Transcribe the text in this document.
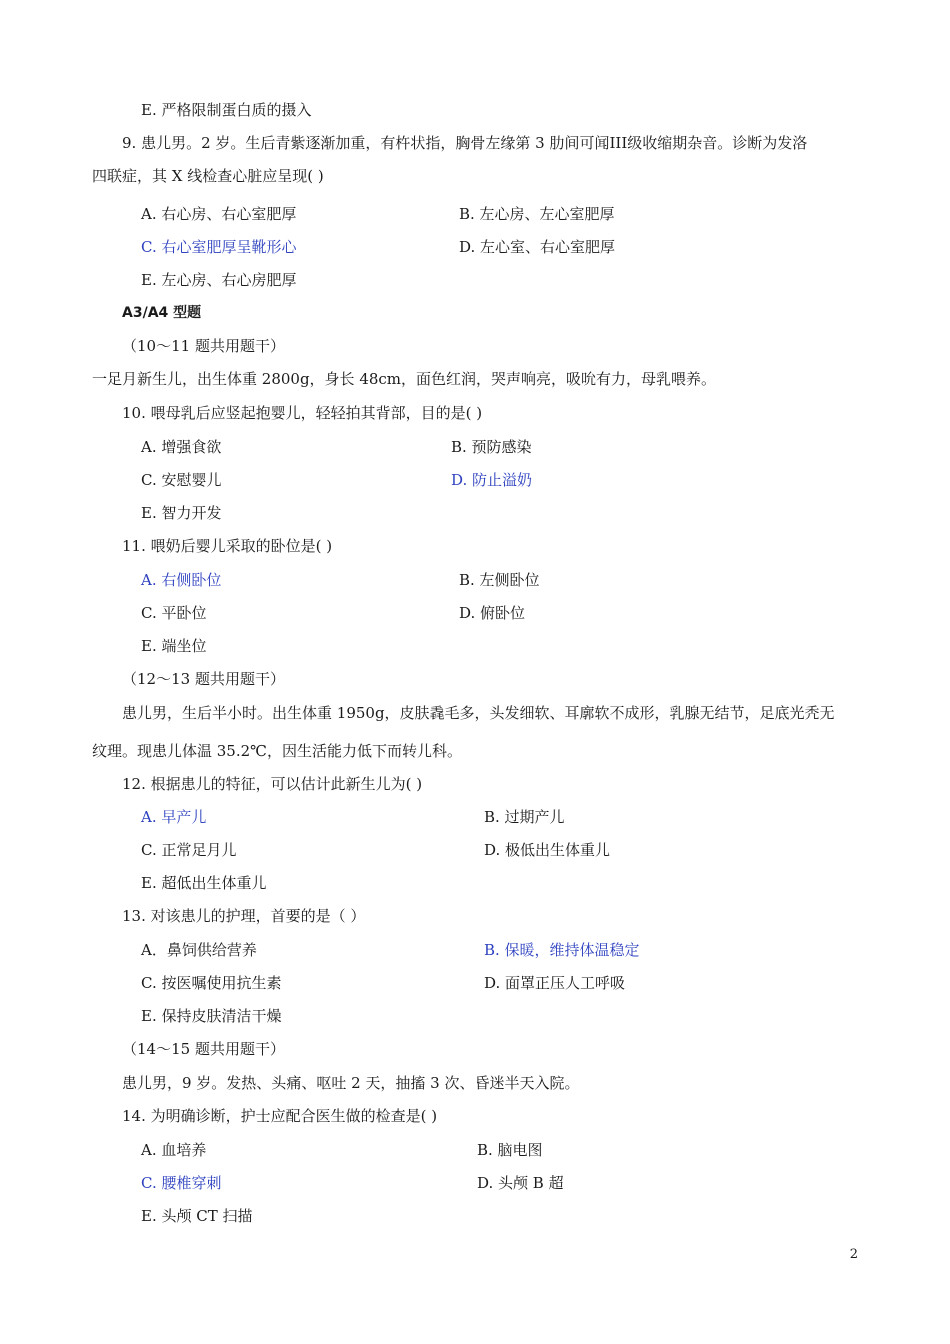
E. 严格限制蛋白质的摄入
9. 患儿男。2 岁。生后青紫逐渐加重，有杵状指，胸骨左缘第 3 肋间可闻III级收缩期杂音。诊断为发洛
四联症，其 X 线检查心脏应呈现( )
A. 右心房、右心室肥厚	B. 左心房、左心室肥厚
C. 右心室肥厚呈靴形心	D. 左心室、右心室肥厚
E. 左心房、右心房肥厚
A3/A4 型题
（10～11 题共用题干）
一足月新生儿，出生体重 2800g，身长 48cm，面色红润，哭声响亮，吸吮有力，母乳喂养。
10. 喂母乳后应竖起抱婴儿，轻轻拍其背部，目的是( )
A. 增强食欲	B. 预防感染
C. 安慰婴儿	D. 防止溢奶
E. 智力开发
11. 喂奶后婴儿采取的卧位是( )
A. 右侧卧位	B. 左侧卧位
C. 平卧位	D. 俯卧位
E. 端坐位
（12～13 题共用题干）
患儿男，生后半小时。出生体重 1950g，皮肤毳毛多，头发细软、耳廓软不成形，乳腺无结节，足底光秃无
纹理。现患儿体温 35.2℃，因生活能力低下而转儿科。
12. 根据患儿的特征，可以估计此新生儿为( )
A. 早产儿	B. 过期产儿
C. 正常足月儿	D. 极低出生体重儿
E. 超低出生体重儿
13. 对该患儿的护理，首要的是（ ）
A．鼻饲供给营养	B. 保暖，维持体温稳定
C. 按医嘱使用抗生素	D. 面罩正压人工呼吸
E. 保持皮肤清洁干燥
（14～15 题共用题干）
患儿男，9 岁。发热、头痛、呕吐 2 天，抽搐 3 次、昏迷半天入院。
14. 为明确诊断，护士应配合医生做的检查是( )
A. 血培养	B. 脑电图
C. 腰椎穿刺	D. 头颅 B 超
E. 头颅 CT 扫描
2
